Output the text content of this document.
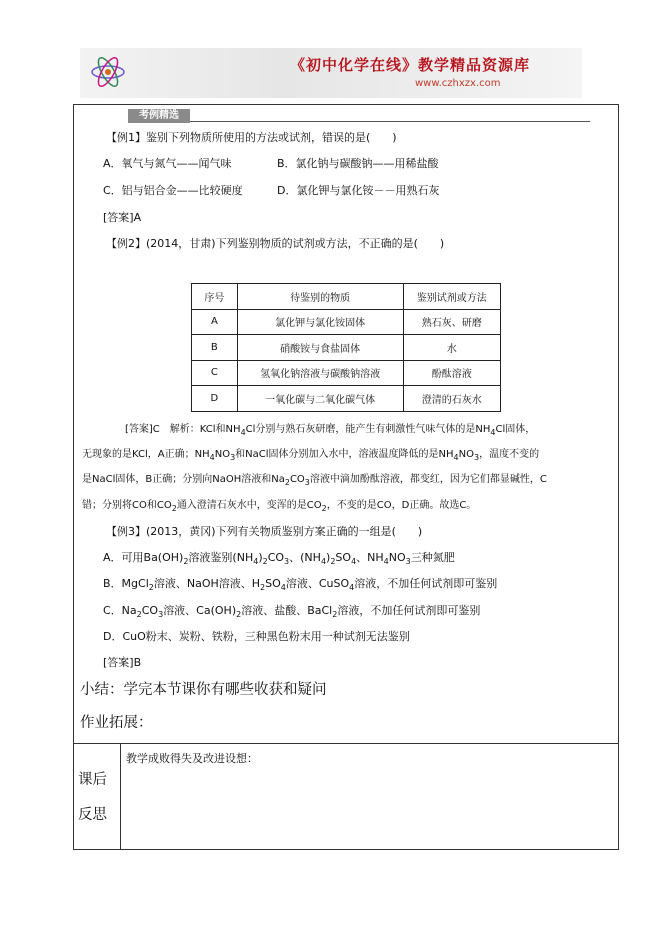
《初中化学在线》教学精品资源库
www.czhxzx.com
考例精选
【例1】鉴别下列物质所使用的方法或试剂，错误的是(　　)
A．氧气与氮气——闻气味	B．氯化钠与碳酸钠——用稀盐酸
C．铝与铝合金——比较硬度	D．氯化钾与氯化铵－－用熟石灰
[答案]A
【例2】(2014，甘肃)下列鉴别物质的试剂或方法，不正确的是(　　)
序号	待鉴别的物质	鉴别试剂或方法
A	氯化钾与氯化铵固体	熟石灰、研磨
B	硝酸铵与食盐固体	水
C	氢氧化钠溶液与碳酸钠溶液	酚酞溶液
D	一氧化碳与二氧化碳气体	澄清的石灰水
[答案]C　解析：KCl和$NH_4Cl$分别与熟石灰研磨，能产生有刺激性气味气体的是$NH_4Cl$固体，
无现象的是KCl，A正确；$NH_4NO_3$和NaCl固体分别加入水中，溶液温度降低的是$NH_4NO_3$，温度不变的
是NaCl固体，B正确；分别向NaOH溶液和$Na_2CO_3$溶液中滴加酚酞溶液，都变红，因为它们都显碱性，C
错；分别将CO和$CO_2$通入澄清石灰水中，变浑的是$CO_2$，不变的是CO，D正确。故选C。
【例3】(2013，黄冈)下列有关物质鉴别方案正确的一组是(　　)
A．可用$Ba(OH)_2$溶液鉴别$(NH_4)_2CO_3$、$(NH_4)_2SO_4$、$NH_4NO_3$三种氮肥
B．MgCl$_2$溶液、NaOH溶液、$H_2SO_4$溶液、CuSO$_4$溶液，不加任何试剂即可鉴别
C．$Na_2CO_3$溶液、$Ca(OH)_2$溶液、盐酸、BaCl$_2$溶液，不加任何试剂即可鉴别
D．CuO粉末、炭粉、铁粉，三种黑色粉末用一种试剂无法鉴别
[答案]B
小结：学完本节课你有哪些收获和疑问
作业拓展：
课后
反思
教学成败得失及改进设想：
